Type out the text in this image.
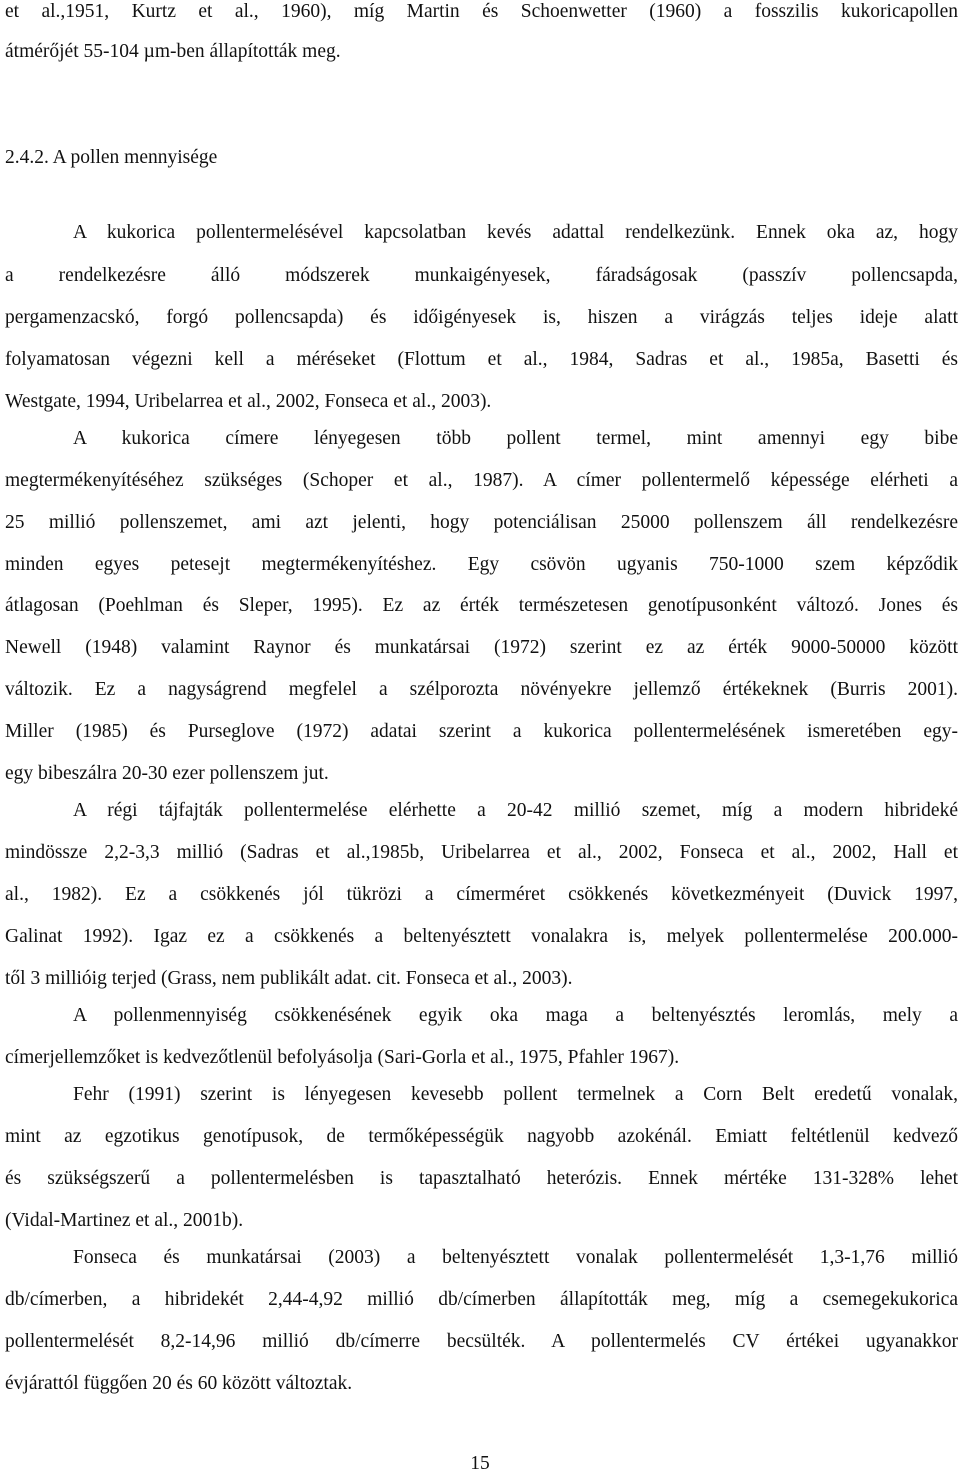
et al.,1951, Kurtz et al., 1960), míg Martin és Schoenwetter (1960) a fosszilis kukoricapollen
átmérőjét 55-104 µm-ben állapították meg.
2.4.2. A pollen mennyisége
A kukorica pollentermelésével kapcsolatban kevés adattal rendelkezünk. Ennek oka az, hogy
a rendelkezésre álló módszerek munkaigényesek, fáradságosak (passzív pollencsapda,
pergamenzacskó, forgó pollencsapda) és időigényesek is, hiszen a virágzás teljes ideje alatt
folyamatosan végezni kell a méréseket (Flottum et al., 1984, Sadras et al., 1985a, Basetti és
Westgate, 1994, Uribelarrea et al., 2002, Fonseca et al., 2003).
A kukorica címere lényegesen több pollent termel, mint amennyi egy bibe
megtermékenyítéséhez szükséges (Schoper et al., 1987). A címer pollentermelő képessége elérheti a
25 millió pollenszemet, ami azt jelenti, hogy potenciálisan 25000 pollenszem áll rendelkezésre
minden egyes petesejt megtermékenyítéshez. Egy csövön ugyanis 750-1000 szem képződik
átlagosan (Poehlman és Sleper, 1995). Ez az érték természetesen genotípusonként változó. Jones és
Newell (1948) valamint Raynor és munkatársai (1972) szerint ez az érték 9000-50000 között
változik. Ez a nagyságrend megfelel a szélporozta növényekre jellemző értékeknek (Burris 2001).
Miller (1985) és Purseglove (1972) adatai szerint a kukorica pollentermelésének ismeretében egy-
egy bibeszálra 20-30 ezer pollenszem jut.
A régi tájfajták pollentermelése elérhette a 20-42 millió szemet, míg a modern hibrideké
mindössze 2,2-3,3 millió (Sadras et al.,1985b, Uribelarrea et al., 2002, Fonseca et al., 2002, Hall et
al., 1982). Ez a csökkenés jól tükrözi a címerméret csökkenés következményeit (Duvick 1997,
Galinat 1992). Igaz ez a csökkenés a beltenyésztett vonalakra is, melyek pollentermelése 200.000-
től 3 millióig terjed (Grass, nem publikált adat. cit. Fonseca et al., 2003).
A pollenmennyiség csökkenésének egyik oka maga a beltenyésztés leromlás, mely a
címerjellemzőket is kedvezőtlenül befolyásolja (Sari-Gorla et al., 1975, Pfahler 1967).
Fehr (1991) szerint is lényegesen kevesebb pollent termelnek a Corn Belt eredetű vonalak,
mint az egzotikus genotípusok, de termőképességük nagyobb azokénál. Emiatt feltétlenül kedvező
és szükségszerű a pollentermelésben is tapasztalható heterózis. Ennek mértéke 131-328% lehet
(Vidal-Martinez et al., 2001b).
Fonseca és munkatársai (2003) a beltenyésztett vonalak pollentermelését 1,3-1,76 millió
db/címerben, a hibridekét 2,44-4,92 millió db/címerben állapították meg, míg a csemegekukorica
pollentermelését 8,2-14,96 millió db/címerre becsülték. A pollentermelés CV értékei ugyanakkor
évjárattól függően 20 és 60 között változtak.
15
